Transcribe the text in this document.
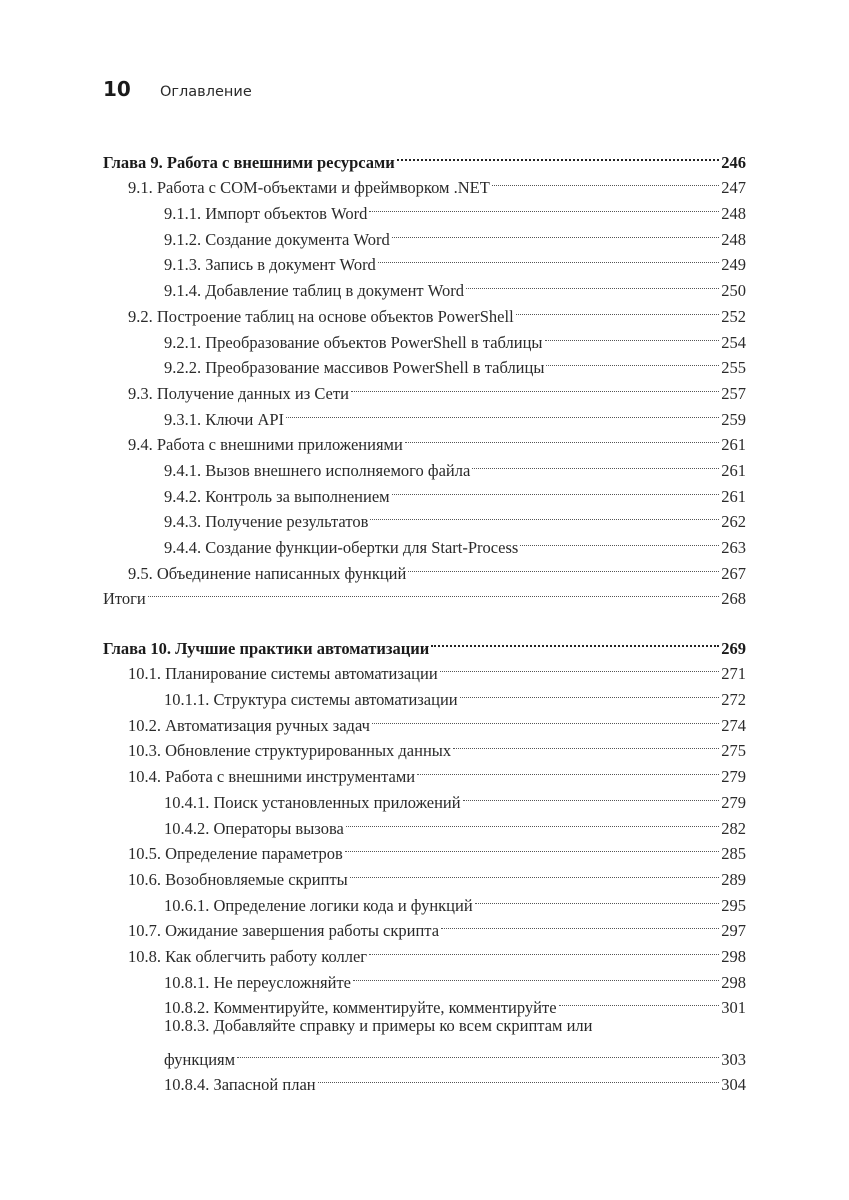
10	Оглавление
Глава 9. Работа с внешними ресурсами	246
9.1. Работа с COM-объектами и фреймворком .NET	247
9.1.1. Импорт объектов Word	248
9.1.2. Создание документа Word	248
9.1.3. Запись в документ Word	249
9.1.4. Добавление таблиц в документ Word	250
9.2. Построение таблиц на основе объектов PowerShell	252
9.2.1. Преобразование объектов PowerShell в таблицы	254
9.2.2. Преобразование массивов PowerShell в таблицы	255
9.3. Получение данных из Сети	257
9.3.1. Ключи API	259
9.4. Работа с внешними приложениями	261
9.4.1. Вызов внешнего исполняемого файла	261
9.4.2. Контроль за выполнением	261
9.4.3. Получение результатов	262
9.4.4. Создание функции-обертки для Start-Process	263
9.5. Объединение написанных функций	267
Итоги	268
Глава 10. Лучшие практики автоматизации	269
10.1. Планирование системы автоматизации	271
10.1.1. Структура системы автоматизации	272
10.2. Автоматизация ручных задач	274
10.3. Обновление структурированных данных	275
10.4. Работа с внешними инструментами	279
10.4.1. Поиск установленных приложений	279
10.4.2. Операторы вызова	282
10.5. Определение параметров	285
10.6. Возобновляемые скрипты	289
10.6.1. Определение логики кода и функций	295
10.7. Ожидание завершения работы скрипта	297
10.8. Как облегчить работу коллег	298
10.8.1. Не переусложняйте	298
10.8.2. Комментируйте, комментируйте, комментируйте	301
10.8.3. Добавляйте справку и примеры ко всем скриптам или
функциям	303
10.8.4. Запасной план	304
